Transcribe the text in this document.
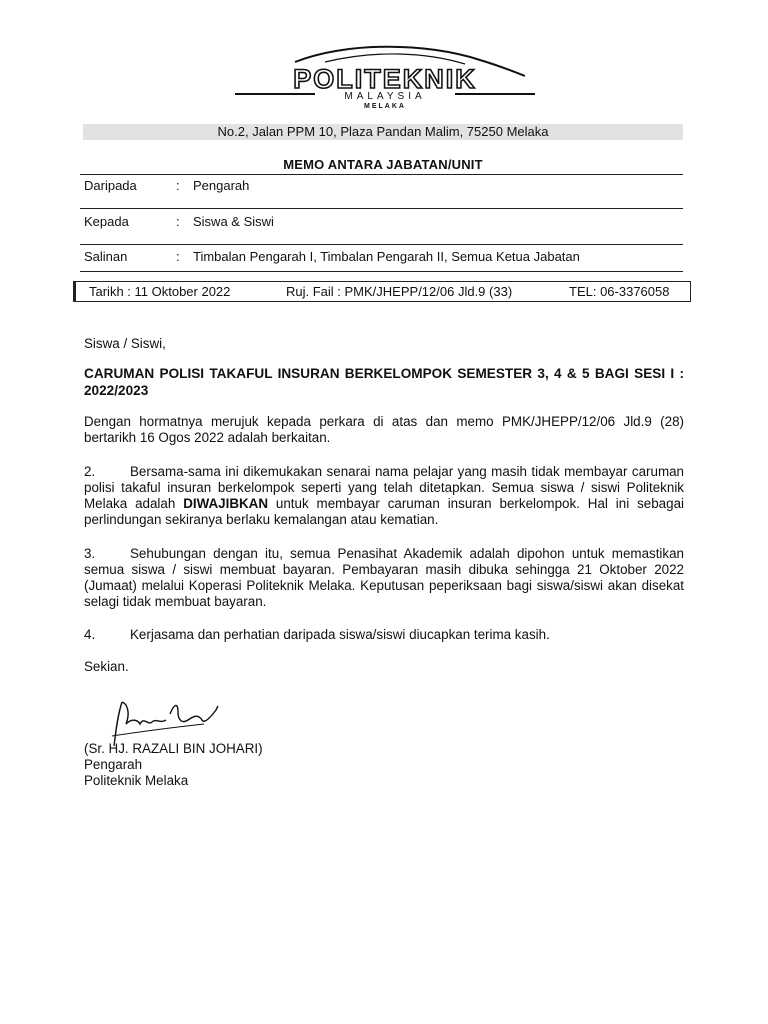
POLITEKNIK
MALAYSIA
MELAKA
No.2, Jalan PPM 10, Plaza Pandan Malim, 75250 Melaka
MEMO ANTARA JABATAN/UNIT
Daripada	: Pengarah
Kepada	: Siswa & Siswi
Salinan	: Timbalan Pengarah I, Timbalan Pengarah II, Semua Ketua Jabatan
Tarikh : 11 Oktober 2022	Ruj. Fail : PMK/JHEPP/12/06 Jld.9 (33)	TEL: 06-3376058
Siswa / Siswi,
CARUMAN POLISI TAKAFUL INSURAN BERKELOMPOK SEMESTER 3, 4 & 5 BAGI SESI I : 2022/2023
Dengan hormatnya merujuk kepada perkara di atas dan memo PMK/JHEPP/12/06 Jld.9 (28) bertarikh 16 Ogos 2022 adalah berkaitan.
2.	Bersama-sama ini dikemukakan senarai nama pelajar yang masih tidak membayar caruman polisi takaful insuran berkelompok seperti yang telah ditetapkan. Semua siswa / siswi Politeknik Melaka adalah DIWAJIBKAN untuk membayar caruman insuran berkelompok. Hal ini sebagai perlindungan sekiranya berlaku kemalangan atau kematian.
3.	Sehubungan dengan itu, semua Penasihat Akademik adalah dipohon untuk memastikan semua siswa / siswi membuat bayaran. Pembayaran masih dibuka sehingga 21 Oktober 2022 (Jumaat) melalui Koperasi Politeknik Melaka. Keputusan peperiksaan bagi siswa/siswi akan disekat selagi tidak membuat bayaran.
4.	Kerjasama dan perhatian daripada siswa/siswi diucapkan terima kasih.
Sekian.
(Sr. HJ. RAZALI BIN JOHARI)
Pengarah
Politeknik Melaka
